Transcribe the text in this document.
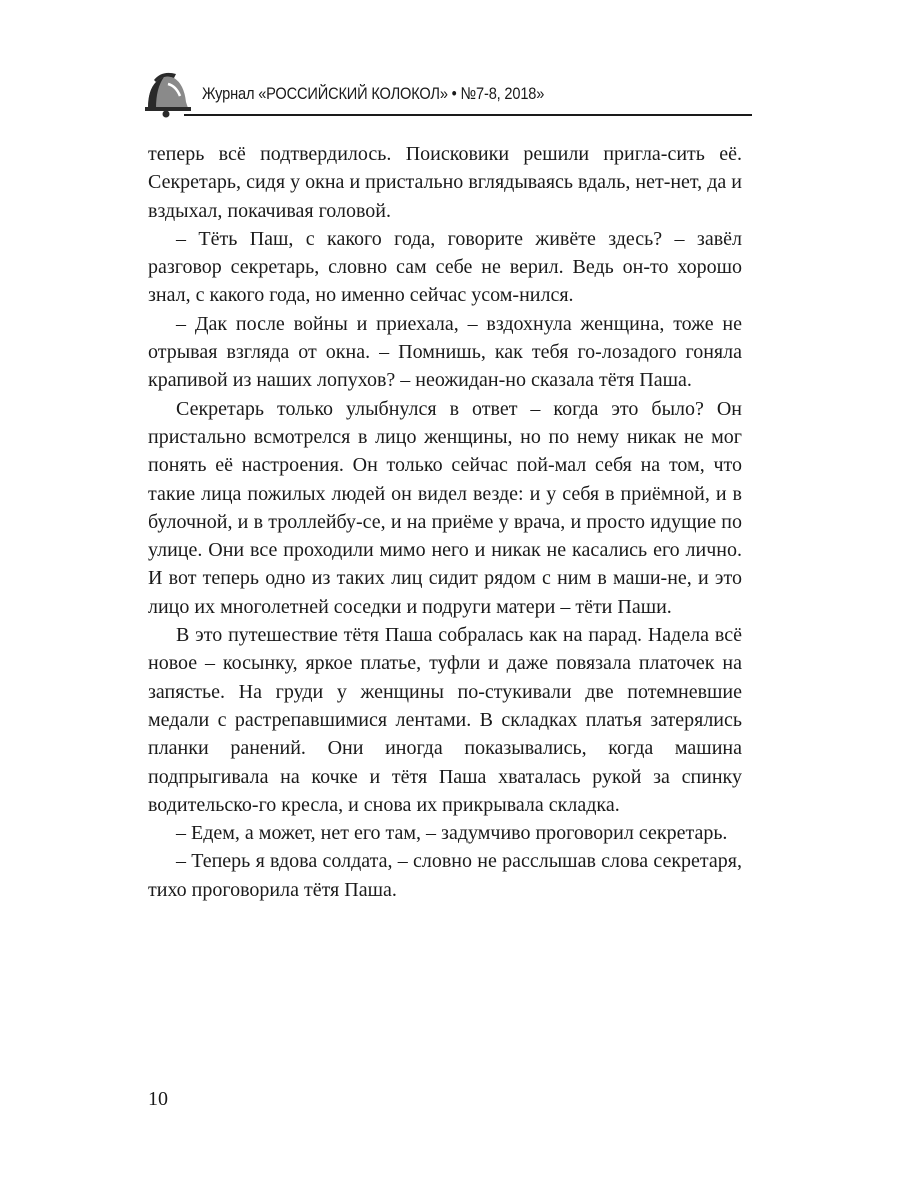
Журнал «РОССИЙСКИЙ КОЛОКОЛ» • №7-8, 2018»

теперь всё подтвердилось. Поисковики решили пригла-сить её. Секретарь, сидя у окна и пристально вглядываясь вдаль, нет-нет, да и вздыхал, покачивая головой.

– Тёть Паш, с какого года, говорите живёте здесь? – завёл разговор секретарь, словно сам себе не верил. Ведь он-то хорошо знал, с какого года, но именно сейчас усом-нился.

– Дак после войны и приехала, – вздохнула женщина, тоже не отрывая взгляда от окна. – Помнишь, как тебя го-лозадого гоняла крапивой из наших лопухов? – неожидан-но сказала тётя Паша.

Секретарь только улыбнулся в ответ – когда это было? Он пристально всмотрелся в лицо женщины, но по нему никак не мог понять её настроения. Он только сейчас пой-мал себя на том, что такие лица пожилых людей он видел везде: и у себя в приёмной, и в булочной, и в троллейбу-се, и на приёме у врача, и просто идущие по улице. Они все проходили мимо него и никак не касались его лично. И вот теперь одно из таких лиц сидит рядом с ним в маши-не, и это лицо их многолетней соседки и подруги матери – тёти Паши.

В это путешествие тётя Паша собралась как на парад. Надела всё новое – косынку, яркое платье, туфли и даже повязала платочек на запястье. На груди у женщины по-стукивали две потемневшие медали с растрепавшимися лентами. В складках платья затерялись планки ранений. Они иногда показывались, когда машина подпрыгивала на кочке и тётя Паша хваталась рукой за спинку водительско-го кресла, и снова их прикрывала складка.

– Едем, а может, нет его там, – задумчиво проговорил секретарь.

– Теперь я вдова солдата, – словно не расслышав слова секретаря, тихо проговорила тётя Паша.

10
